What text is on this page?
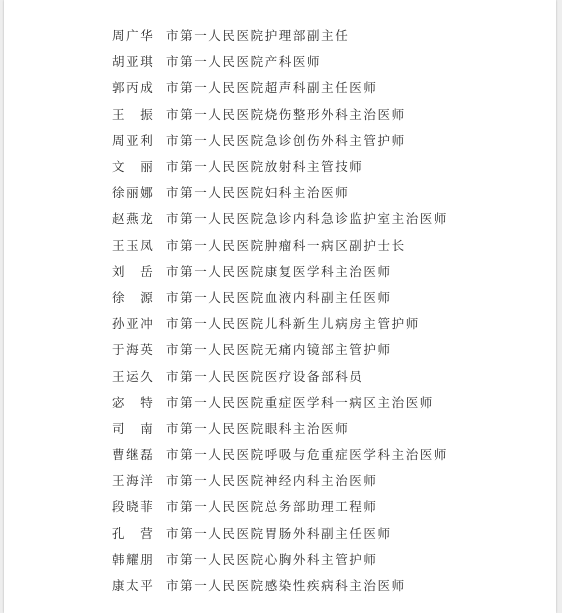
周广华 市第一人民医院护理部副主任
胡亚琪 市第一人民医院产科医师
郭丙成 市第一人民医院超声科副主任医师
王　振 市第一人民医院烧伤整形外科主治医师
周亚利 市第一人民医院急诊创伤外科主管护师
文　丽 市第一人民医院放射科主管技师
徐丽娜 市第一人民医院妇科主治医师
赵燕龙 市第一人民医院急诊内科急诊监护室主治医师
王玉凤 市第一人民医院肿瘤科一病区副护士长
刘　岳 市第一人民医院康复医学科主治医师
徐　源 市第一人民医院血液内科副主任医师
孙亚冲 市第一人民医院儿科新生儿病房主管护师
于海英 市第一人民医院无痛内镜部主管护师
王运久 市第一人民医院医疗设备部科员
宓　特 市第一人民医院重症医学科一病区主治医师
司　南 市第一人民医院眼科主治医师
曹继磊 市第一人民医院呼吸与危重症医学科主治医师
王海洋 市第一人民医院神经内科主治医师
段晓菲 市第一人民医院总务部助理工程师
孔　营 市第一人民医院胃肠外科副主任医师
韩耀朋 市第一人民医院心胸外科主管护师
康太平 市第一人民医院感染性疾病科主治医师
